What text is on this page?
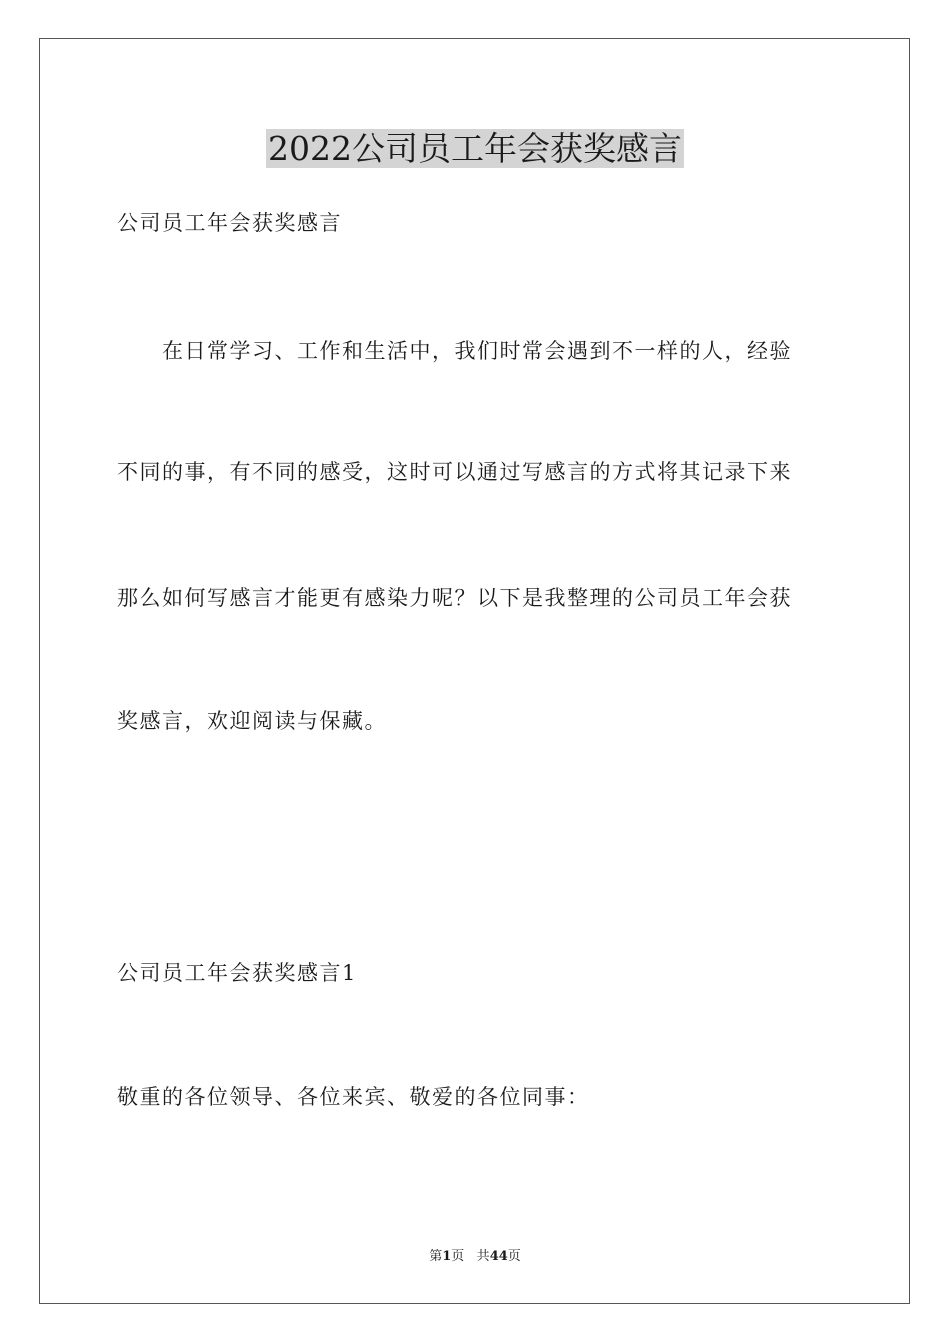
2022公司员工年会获奖感言

公司员工年会获奖感言

　　在日常学习、工作和生活中，我们时常会遇到不一样的人，经验

不同的事，有不同的感受，这时可以通过写感言的方式将其记录下来

那么如何写感言才能更有感染力呢？以下是我整理的公司员工年会获

奖感言，欢迎阅读与保藏。

公司员工年会获奖感言1

敬重的各位领导、各位来宾、敬爱的各位同事：

第1页 共44页
